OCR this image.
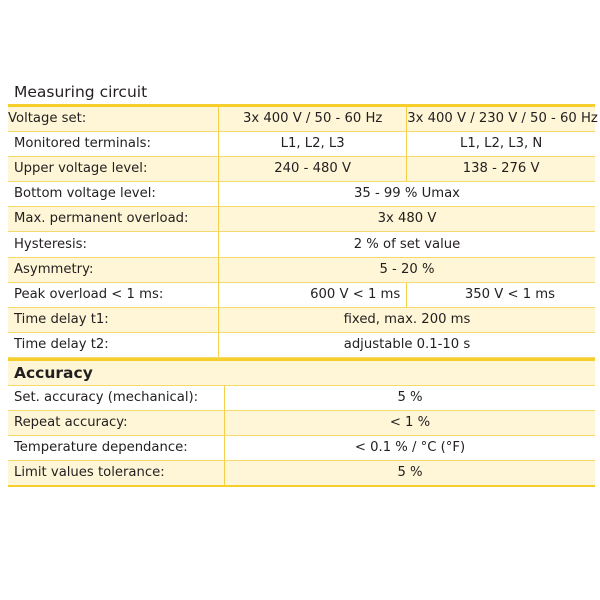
Measuring circuit
Voltage set:	3x 400 V / 50 - 60 Hz	3x 400 V / 230 V / 50 - 60 Hz
Monitored terminals:	L1, L2, L3	L1, L2, L3, N
Upper voltage level:	240 - 480 V	138 - 276 V
Bottom voltage level:	35 - 99 % Umax	
Max. permanent overload:	3x 480 V	
Hysteresis:	2 % of set value	
Asymmetry:	5 - 20 %	
Peak overload < 1 ms:	600 V < 1 ms	350 V < 1 ms
Time delay t1:	fixed, max. 200 ms	
Time delay t2:	adjustable 0.1-10 s	
Accuracy
Set. accuracy (mechanical):	5 %
Repeat accuracy:	< 1 %
Temperature dependance:	< 0.1 % / °C (°F)
Limit values tolerance:	5 %
